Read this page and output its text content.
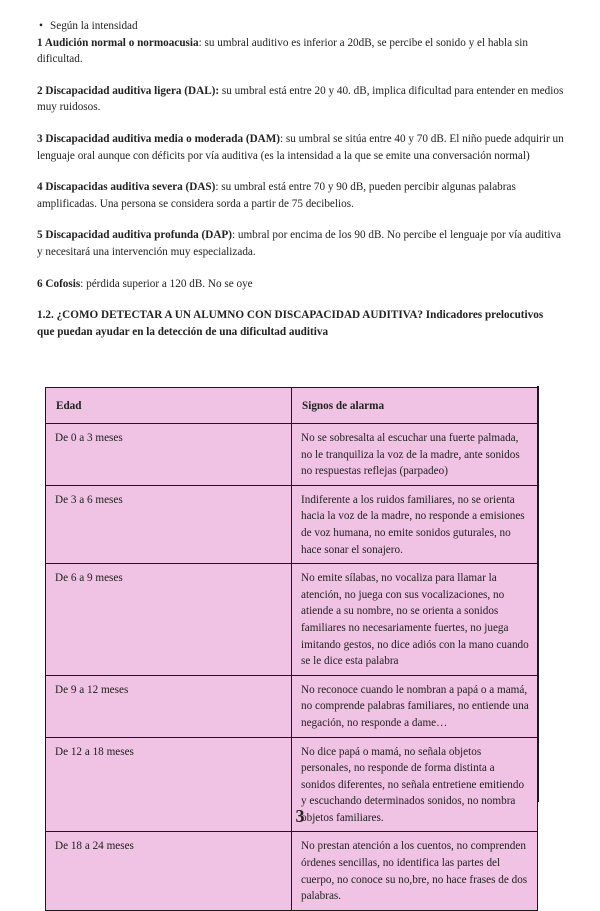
• Según la intensidad

1 Audición normal o normoacusia: su umbral auditivo es inferior a 20dB, se percibe el sonido y el habla sin dificultad.

2 Discapacidad auditiva ligera (DAL): su umbral está entre 20 y 40. dB, implica dificultad para entender en medios muy ruidosos.

3 Discapacidad auditiva media o moderada (DAM): su umbral se sitúa entre 40 y 70 dB. El niño puede adquirir un lenguaje oral aunque con déficits por vía auditiva (es la intensidad a la que se emite una conversación normal)

4 Discapacidas auditiva severa (DAS): su umbral está entre 70 y 90 dB, pueden percibir algunas palabras amplificadas. Una persona se considera sorda a partir de 75 decibelios.

5 Discapacidad auditiva profunda (DAP): umbral por encima de los 90 dB. No percibe el lenguaje por vía auditiva y necesitará una intervención muy especializada.

6 Cofosis: pérdida superior a 120 dB. No se oye

1.2. ¿COMO DETECTAR A UN ALUMNO CON DISCAPACIDAD AUDITIVA? Indicadores prelocutivos que puedan ayudar en la detección de una dificultad auditiva

Edad	Signos de alarma
De 0 a 3 meses	No se sobresalta al escuchar una fuerte palmada, no le tranquiliza la voz de la madre, ante sonidos no respuestas reflejas (parpadeo)
De 3 a 6 meses	Indiferente a los ruidos familiares, no se orienta hacia la voz de la madre, no responde a emisiones de voz humana, no emite sonidos guturales, no hace sonar el sonajero.
De 6 a 9 meses	No emite sílabas, no vocaliza para llamar la atención, no juega con sus vocalizaciones, no atiende a su nombre, no se orienta a sonidos familiares no necesariamente fuertes, no juega imitando gestos, no dice adiós con la mano cuando se le dice esta palabra
De 9 a 12 meses	No reconoce cuando le nombran a papá o a mamá, no comprende palabras familiares, no entiende una negación, no responde a dame…
De 12 a 18 meses	No dice papá o mamá, no señala objetos personales, no responde de forma distinta a sonidos diferentes, no señala entretiene emitiendo y escuchando determinados sonidos, no nombra objetos familiares.
De 18 a 24 meses	No prestan atención a los cuentos, no comprenden órdenes sencillas, no identifica las partes del cuerpo, no conoce su no,bre, no hace frases de dos palabras.
3
